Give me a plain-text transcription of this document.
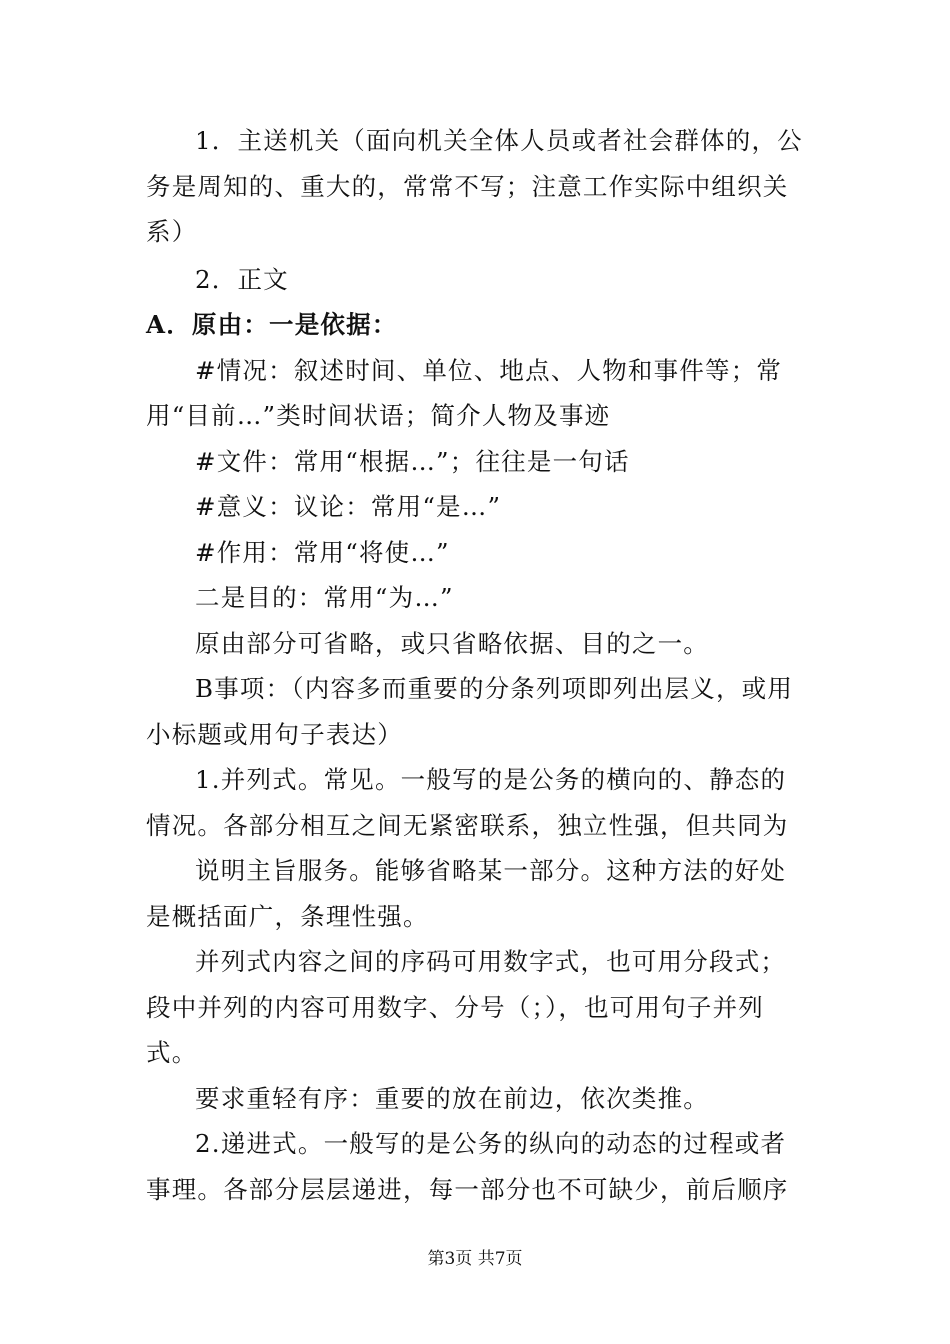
1．主送机关（面向机关全体人员或者社会群体的，公务是周知的、重大的，常常不写；注意工作实际中组织关系）

2．正文

A．原由：一是依据：

#情况：叙述时间、单位、地点、人物和事件等；常用“目前…”类时间状语；简介人物及事迹

#文件：常用“根据…”；往往是一句话

#意义：议论：常用“是…”

#作用：常用“将使…”

二是目的：常用“为…”

原由部分可省略，或只省略依据、目的之一。

B事项：（内容多而重要的分条列项即列出层义，或用小标题或用句子表达）

1.并列式。常见。一般写的是公务的横向的、静态的情况。各部分相互之间无紧密联系，独立性强，但共同为

说明主旨服务。能够省略某一部分。这种方法的好处是概括面广，条理性强。

并列式内容之间的序码可用数字式，也可用分段式；段中并列的内容可用数字、分号（；），也可用句子并列式。

要求重轻有序：重要的放在前边，依次类推。

2.递进式。一般写的是公务的纵向的动态的过程或者事理。各部分层层递进，每一部分也不可缺少，前后顺序

第3页 共7页
